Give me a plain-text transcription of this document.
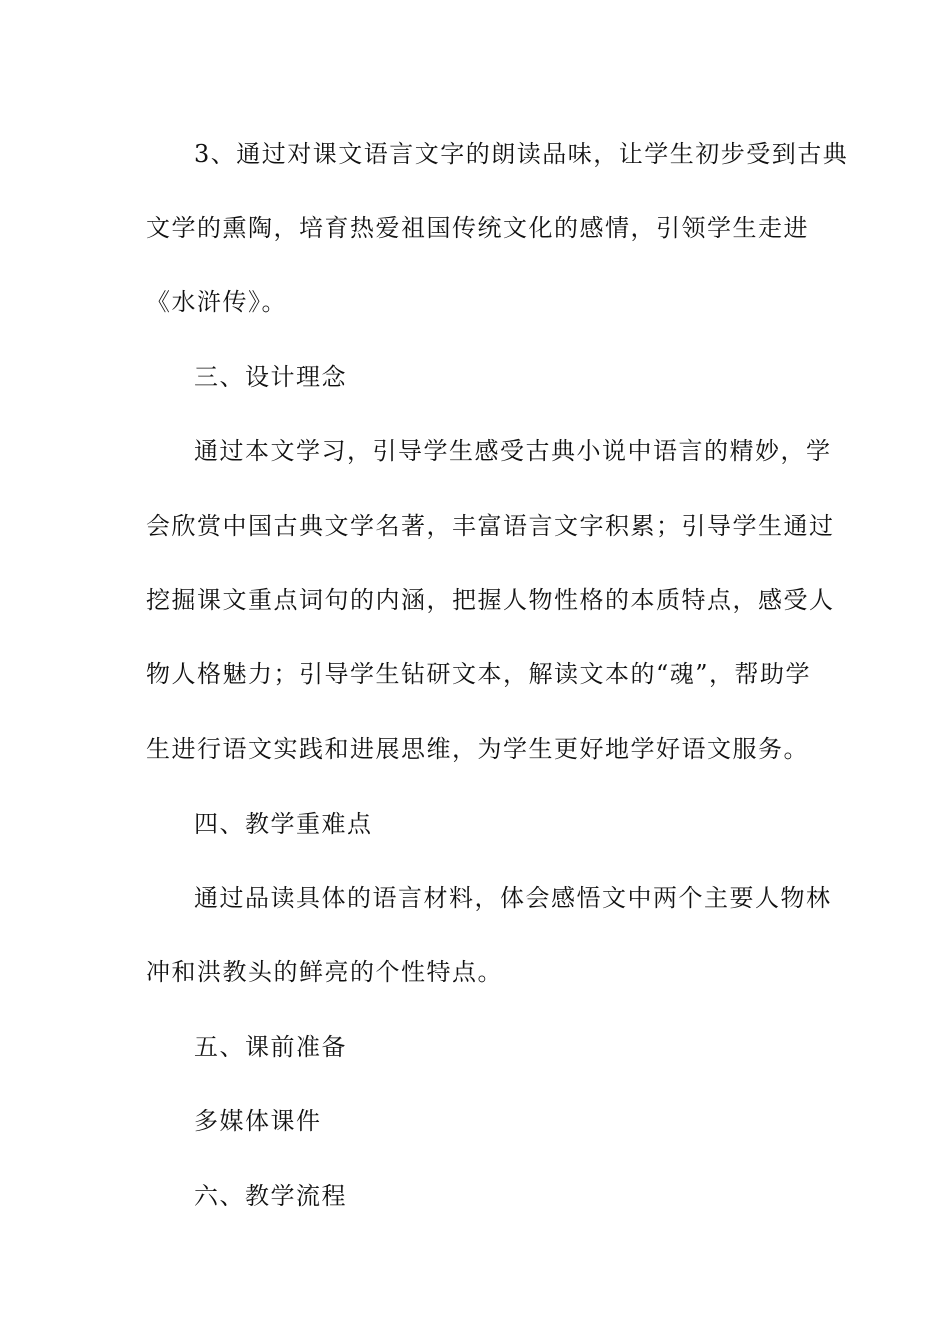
3、通过对课文语言文字的朗读品味，让学生初步受到古典
文学的熏陶，培育热爱祖国传统文化的感情，引领学生走进
《水浒传》。
三、设计理念
通过本文学习，引导学生感受古典小说中语言的精妙，学
会欣赏中国古典文学名著，丰富语言文字积累；引导学生通过
挖掘课文重点词句的内涵，把握人物性格的本质特点，感受人
物人格魅力；引导学生钻研文本，解读文本的“魂”，帮助学
生进行语文实践和进展思维，为学生更好地学好语文服务。
四、教学重难点
通过品读具体的语言材料，体会感悟文中两个主要人物林
冲和洪教头的鲜亮的个性特点。
五、课前准备
多媒体课件
六、教学流程
